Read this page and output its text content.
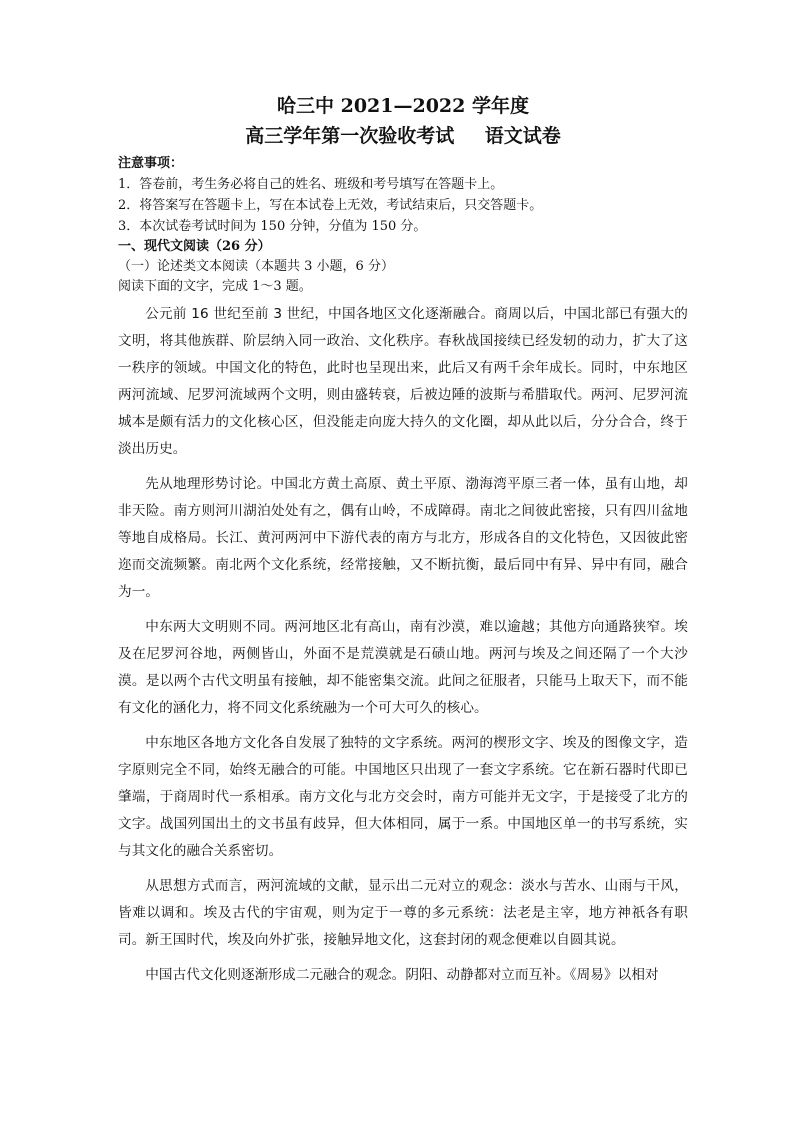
哈三中 2021—2022 学年度
高三学年第一次验收考试 语文试卷

注意事项：

1．答卷前，考生务必将自己的姓名、班级和考号填写在答题卡上。

2．将答案写在答题卡上，写在本试卷上无效，考试结束后，只交答题卡。

3．本次试卷考试时间为 150 分钟，分值为 150 分。

一、现代文阅读（26 分）

（一）论述类文本阅读（本题共 3 小题，6 分）

阅读下面的文字，完成 1～3 题。

公元前 16 世纪至前 3 世纪，中国各地区文化逐渐融合。商周以后，中国北部已有强大的文明，将其他族群、阶层纳入同一政治、文化秩序。春秋战国接续已经发轫的动力，扩大了这一秩序的领域。中国文化的特色，此时也呈现出来，此后又有两千余年成长。同时，中东地区两河流域、尼罗河流域两个文明，则由盛转衰，后被边陲的波斯与希腊取代。两河、尼罗河流城本是颇有活力的文化核心区，但没能走向庞大持久的文化圈，却从此以后，分分合合，终于淡出历史。

先从地理形势讨论。中国北方黄土高原、黄土平原、渤海湾平原三者一体，虽有山地，却非天险。南方则河川湖泊处处有之，偶有山岭，不成障碍。南北之间彼此密接，只有四川盆地等地自成格局。长江、黄河两河中下游代表的南方与北方，形成各自的文化特色，又因彼此密迩而交流频繁。南北两个文化系统，经常接触，又不断抗衡，最后同中有异、异中有同，融合为一。

中东两大文明则不同。两河地区北有高山，南有沙漠，难以逾越；其他方向通路狭窄。埃及在尼罗河谷地，两侧皆山，外面不是荒漠就是石碛山地。两河与埃及之间还隔了一个大沙漠。是以两个古代文明虽有接触，却不能密集交流。此间之征服者，只能马上取天下，而不能有文化的涵化力，将不同文化系统融为一个可大可久的核心。

中东地区各地方文化各自发展了独特的文字系统。两河的楔形文字、埃及的图像文字，造字原则完全不同，始终无融合的可能。中国地区只出现了一套文字系统。它在新石器时代即已肇端，于商周时代一系相承。南方文化与北方交会时，南方可能并无文字，于是接受了北方的文字。战国列国出土的文书虽有歧异，但大体相同，属于一系。中国地区单一的书写系统，实与其文化的融合关系密切。

从思想方式而言，两河流域的文献，显示出二元对立的观念：淡水与苦水、山雨与干风，皆难以调和。埃及古代的宇宙观，则为定于一尊的多元系统：法老是主宰，地方神祇各有职司。新王国时代，埃及向外扩张，接触异地文化，这套封闭的观念便难以自圆其说。

中国古代文化则逐渐形成二元融合的观念。阴阳、动静都对立而互补。《周易》以相对
